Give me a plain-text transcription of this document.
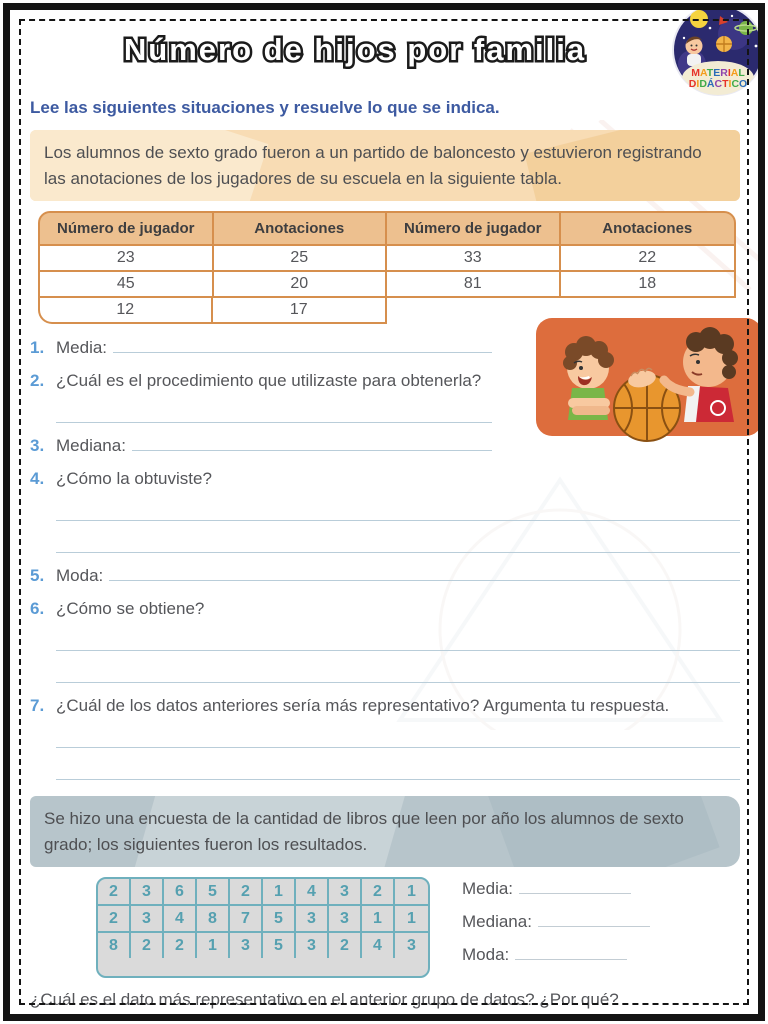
Número de hijos por familia
MATERIAL
DIDÁCTICO
Lee las siguientes situaciones y resuelve lo que se indica.
Los alumnos de sexto grado fueron a un partido de baloncesto y estuvieron registrando las anotaciones de los jugadores de su escuela en la siguiente tabla.
Número de jugador	Anotaciones	Número de jugador	Anotaciones
23	25	33	22
45	20	81	18
12	17
1. Media:
2. ¿Cuál es el procedimiento que utilizaste para obtenerla?
3. Mediana:
4. ¿Cómo la obtuviste?
5. Moda:
6. ¿Cómo se obtiene?
7. ¿Cuál de los datos anteriores sería más representativo? Argumenta tu respuesta.
Se hizo una encuesta de la cantidad de libros que leen por año los alumnos de sexto grado; los siguientes fueron los resultados.
2	3	6	5	2	1	4	3	2	1
2	3	4	8	7	5	3	3	1	1
8	2	2	1	3	5	3	2	4	3
Media:
Mediana:
Moda:
¿Cuál es el dato más representativo en el anterior grupo de datos? ¿Por qué?
